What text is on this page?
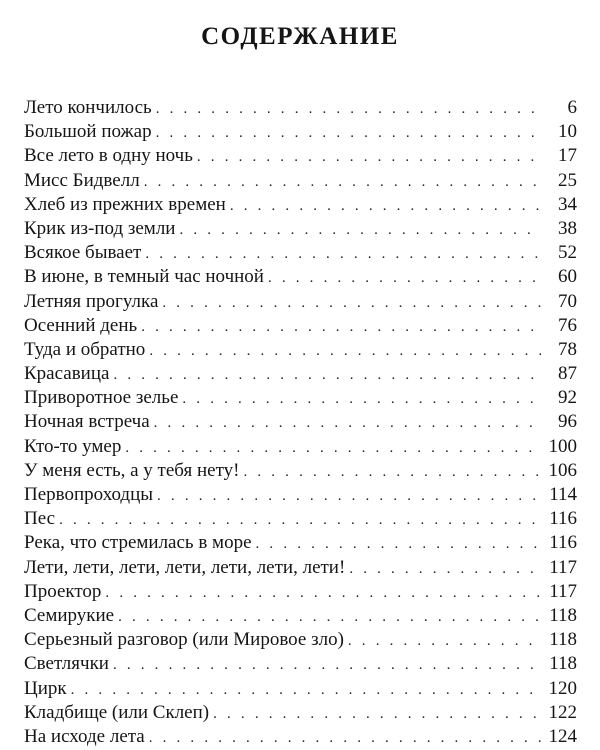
СОДЕРЖАНИЕ
Лето кончилось . . .	6
Большой пожар . . .	10
Все лето в одну ночь . . .	17
Мисс Бидвелл . . .	25
Хлеб из прежних времен . . .	34
Крик из-под земли . . .	38
Всякое бывает . . .	52
В июне, в темный час ночной . . .	60
Летняя прогулка . . .	70
Осенний день . . .	76
Туда и обратно . . .	78
Красавица . . .	87
Приворотное зелье . . .	92
Ночная встреча . . .	96
Кто-то умер . . .	100
У меня есть, а у тебя нету! . . .	106
Первопроходцы . . .	114
Пес . . .	116
Река, что стремилась в море . . .	116
Лети, лети, лети, лети, лети, лети, лети! . . .	117
Проектор . . .	117
Семирукие . . .	118
Серьезный разговор (или Мировое зло) . . .	118
Светлячки . . .	118
Цирк . . .	120
Кладбище (или Склеп) . . .	122
На исходе лета . . .	124
